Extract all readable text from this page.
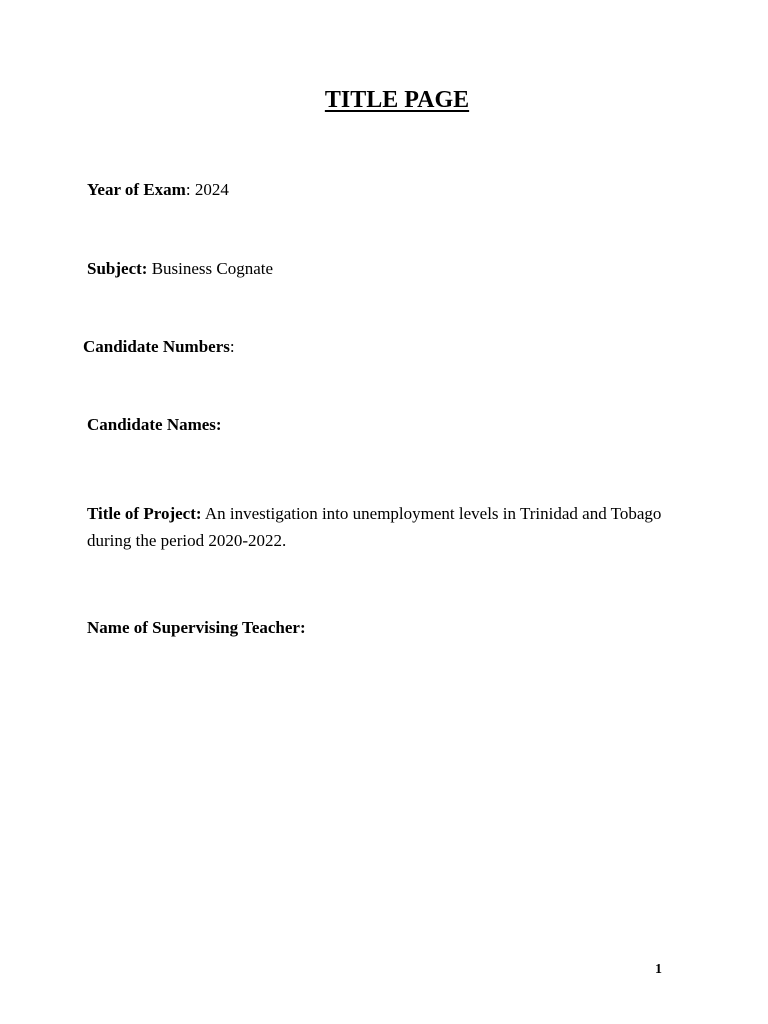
TITLE PAGE
Year of Exam: 2024
Subject: Business Cognate
Candidate Numbers:
Candidate Names:
Title of Project: An investigation into unemployment levels in Trinidad and Tobago during the period 2020-2022.
Name of Supervising Teacher:
1
